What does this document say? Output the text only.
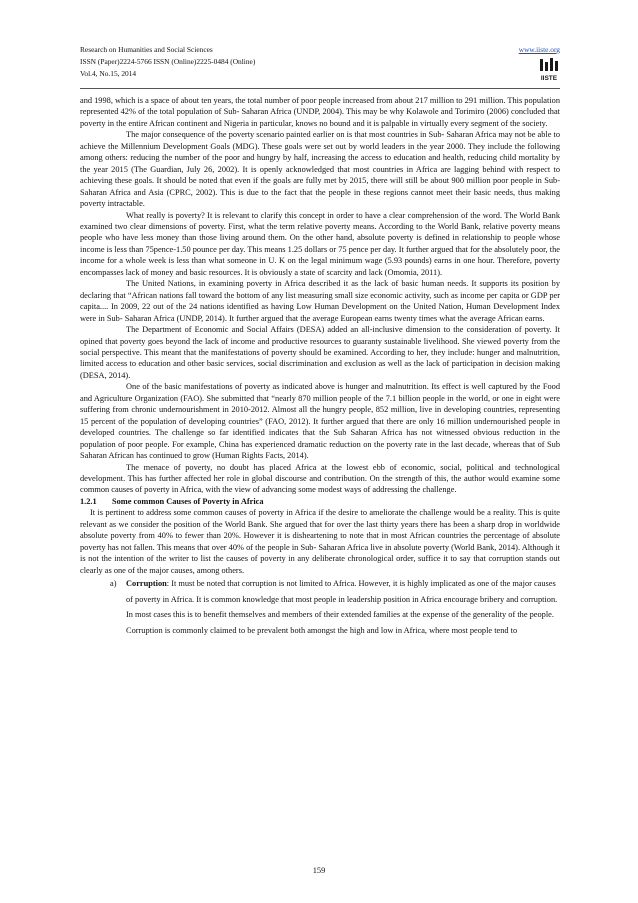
Research on Humanities and Social Sciences
ISSN (Paper)2224-5766 ISSN (Online)2225-0484 (Online)
Vol.4, No.15, 2014
www.iiste.org
IISTE

and 1998, which is a space of about ten years, the total number of poor people increased from about 217 million to 291 million. This population represented 42% of the total population of Sub- Saharan Africa (UNDP, 2004). This may be why Kolawole and Torimiro (2006) concluded that poverty in the entire African continent and Nigeria in particular, knows no bound and it is palpable in virtually every segment of the society.

The major consequence of the poverty scenario painted earlier on is that most countries in Sub- Saharan Africa may not be able to achieve the Millennium Development Goals (MDG). These goals were set out by world leaders in the year 2000. They include the following among others: reducing the number of the poor and hungry by half, increasing the access to education and health, reducing child mortality by the year 2015 (The Guardian, July 26, 2002). It is openly acknowledged that most countries in Africa are lagging behind with respect to achieving these goals. It should be noted that even if the goals are fully met by 2015, there will still be about 900 million poor people in Sub- Saharan Africa and Asia (CPRC, 2002). This is due to the fact that the people in these regions cannot meet their basic needs, thus making poverty intractable.

What really is poverty? It is relevant to clarify this concept in order to have a clear comprehension of the word. The World Bank examined two clear dimensions of poverty. First, what the term relative poverty means. According to the World Bank, relative poverty means people who have less money than those living around them. On the other hand, absolute poverty is defined in relationship to people whose income is less than 75pence-1.50 pounce per day. This means 1.25 dollars or 75 pence per day. It further argued that for the absolutely poor, the income for a whole week is less than what someone in U. K on the legal minimum wage (5.93 pounds) earns in one hour. Therefore, poverty encompasses lack of money and basic resources. It is obviously a state of scarcity and lack (Omomia, 2011).

The United Nations, in examining poverty in Africa described it as the lack of basic human needs. It supports its position by declaring that “African nations fall toward the bottom of any list measuring small size economic activity, such as income per capita or GDP per capita.... In 2009, 22 out of the 24 nations identified as having Low Human Development on the United Nation, Human Development Index were in Sub- Saharan Africa (UNDP, 2014). It further argued that the average European earns twenty times what the average African earns.

The Department of Economic and Social Affairs (DESA) added an all-inclusive dimension to the consideration of poverty. It opined that poverty goes beyond the lack of income and productive resources to guaranty sustainable livelihood. She viewed poverty from the social perspective. This meant that the manifestations of poverty should be examined. According to her, they include: hunger and malnutrition, limited access to education and other basic services, social discrimination and exclusion as well as the lack of participation in decision making (DESA, 2014).

One of the basic manifestations of poverty as indicated above is hunger and malnutrition. Its effect is well captured by the Food and Agriculture Organization (FAO). She submitted that “nearly 870 million people of the 7.1 billion people in the world, or one in eight were suffering from chronic undernourishment in 2010-2012. Almost all the hungry people, 852 million, live in developing countries, representing 15 percent of the population of developing countries” (FAO, 2012). It further argued that there are only 16 million undernourished people in developed countries. The challenge so far identified indicates that the Sub Saharan Africa has not witnessed obvious reduction in the population of poor people. For example, China has experienced dramatic reduction on the poverty rate in the last decade, whereas that of Sub Saharan African has continued to grow (Human Rights Facts, 2014).

The menace of poverty, no doubt has placed Africa at the lowest ebb of economic, social, political and technological development. This has further affected her role in global discourse and contribution. On the strength of this, the author would examine some common causes of poverty in Africa, with the view of advancing some modest ways of addressing the challenge.

1.2.1 Some common Causes of Poverty in Africa

It is pertinent to address some common causes of poverty in Africa if the desire to ameliorate the challenge would be a reality. This is quite relevant as we consider the position of the World Bank. She argued that for over the last thirty years there has been a sharp drop in worldwide absolute poverty from 40% to fewer than 20%. However it is disheartening to note that in most African countries the percentage of absolute poverty has not fallen. This means that over 40% of the people in Sub- Saharan Africa live in absolute poverty (World Bank, 2014). Although it is not the intention of the writer to list the causes of poverty in any deliberate chronological order, suffice it to say that corruption stands out clearly as one of the major causes, among others.

a) Corruption: It must be noted that corruption is not limited to Africa. However, it is highly implicated as one of the major causes of poverty in Africa. It is common knowledge that most people in leadership position in Africa encourage bribery and corruption. In most cases this is to benefit themselves and members of their extended families at the expense of the generality of the people. Corruption is commonly claimed to be prevalent both amongst the high and low in Africa, where most people tend to
159
